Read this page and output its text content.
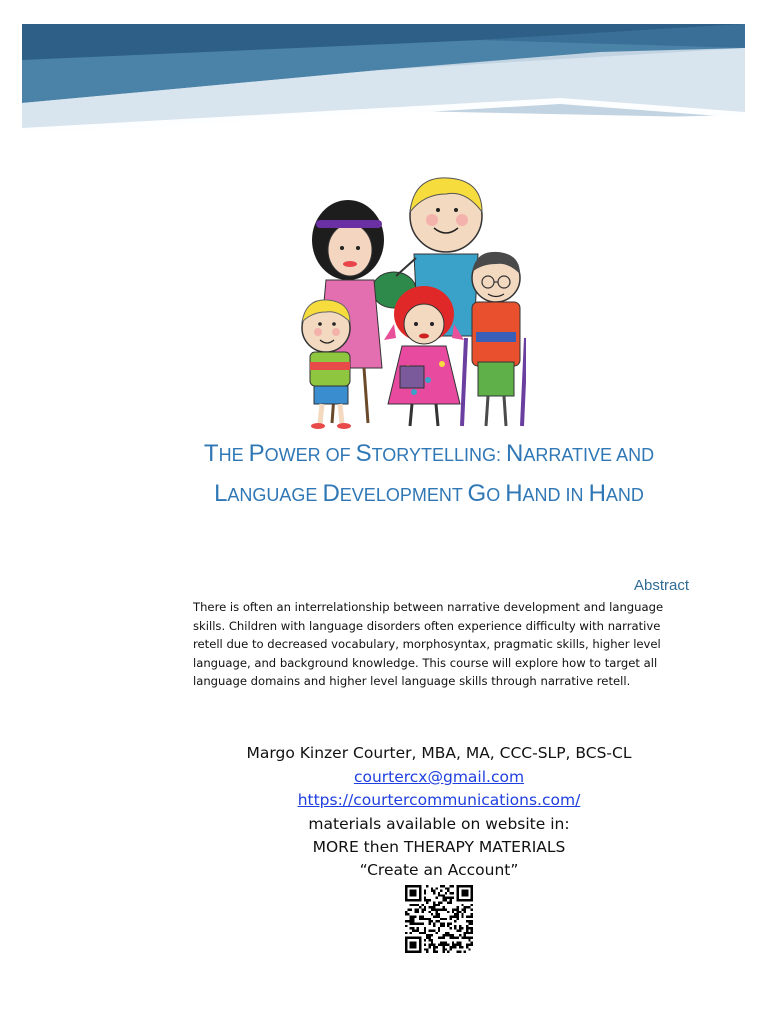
THE POWER OF STORYTELLING: NARRATIVE AND
LANGUAGE DEVELOPMENT GO HAND IN HAND
Abstract

There is often an interrelationship between narrative development and language skills. Children with language disorders often experience difficulty with narrative retell due to decreased vocabulary, morphosyntax, pragmatic skills, higher level language, and background knowledge. This course will explore how to target all language domains and higher level language skills through narrative retell.

Margo Kinzer Courter, MBA, MA, CCC-SLP, BCS-CL
courtercx@gmail.com
https://courtercommunications.com/
materials available on website in:
MORE then THERAPY MATERIALS
“Create an Account”
